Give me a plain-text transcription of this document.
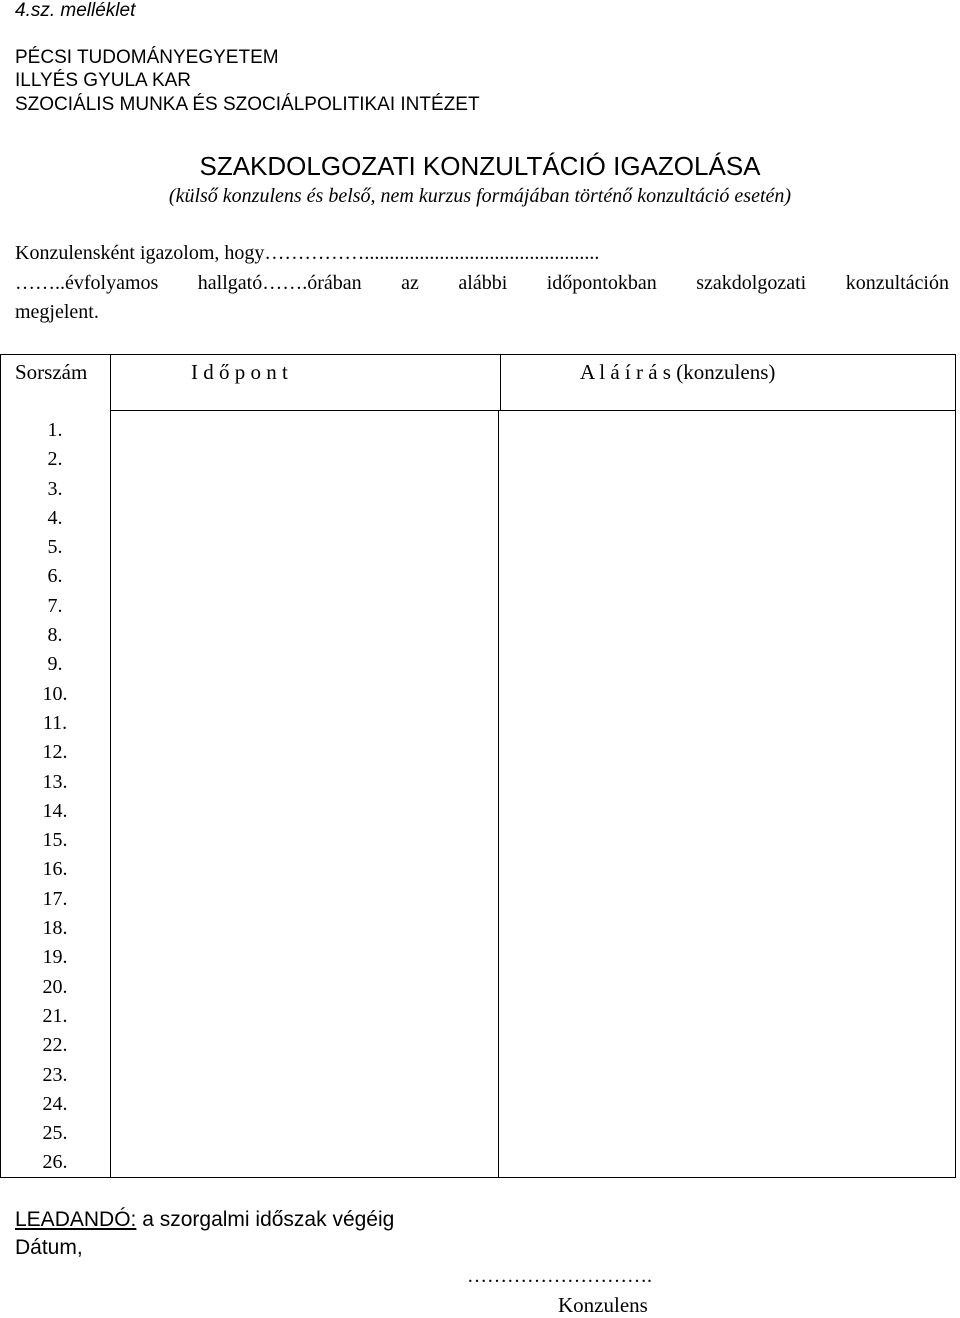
4.sz. melléklet
PÉCSI TUDOMÁNYEGYETEM
ILLYÉS GYULA KAR
SZOCIÁLIS MUNKA ÉS SZOCIÁLPOLITIKAI INTÉZET
SZAKDOLGOZATI KONZULTÁCIÓ IGAZOLÁSA
(külső konzulens és belső, nem kurzus formájában történő konzultáció esetén)
Konzulensként igazolom, hogy……………...............................................
……..évfolyamos hallgató…….órában az alábbi időpontokban szakdolgozati konzultáción
megjelent.
Sorszám	I d ő p o n t	A l á í r á s (konzulens)
1.
2.
3.
4.
5.
6.
7.
8.
9.
10.
11.
12.
13.
14.
15.
16.
17.
18.
19.
20.
21.
22.
23.
24.
25.
26.
LEADANDÓ: a szorgalmi időszak végéig
Dátum,
……………………….
Konzulens
